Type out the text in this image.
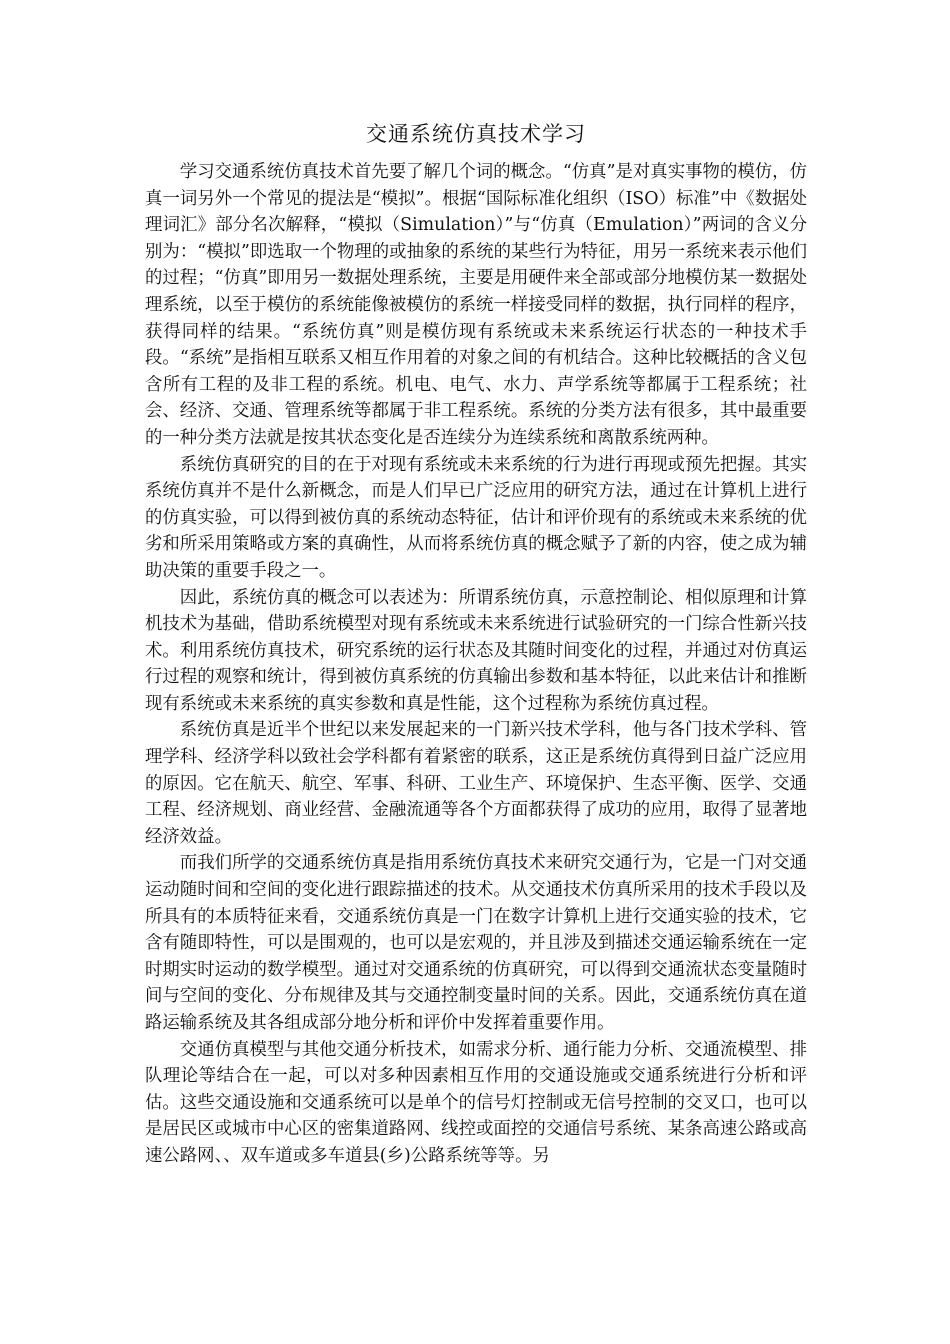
交通系统仿真技术学习

学习交通系统仿真技术首先要了解几个词的概念。“仿真”是对真实事物的模仿，仿真一词另外一个常见的提法是“模拟”。根据“国际标准化组织（ISO）标准”中《数据处理词汇》部分名次解释，“模拟（Simulation）”与“仿真（Emulation）”两词的含义分别为：“模拟”即选取一个物理的或抽象的系统的某些行为特征，用另一系统来表示他们的过程；“仿真”即用另一数据处理系统，主要是用硬件来全部或部分地模仿某一数据处理系统，以至于模仿的系统能像被模仿的系统一样接受同样的数据，执行同样的程序，获得同样的结果。“系统仿真”则是模仿现有系统或未来系统运行状态的一种技术手段。“系统”是指相互联系又相互作用着的对象之间的有机结合。这种比较概括的含义包含所有工程的及非工程的系统。机电、电气、水力、声学系统等都属于工程系统；社会、经济、交通、管理系统等都属于非工程系统。系统的分类方法有很多，其中最重要的一种分类方法就是按其状态变化是否连续分为连续系统和离散系统两种。

系统仿真研究的目的在于对现有系统或未来系统的行为进行再现或预先把握。其实系统仿真并不是什么新概念，而是人们早已广泛应用的研究方法，通过在计算机上进行的仿真实验，可以得到被仿真的系统动态特征，估计和评价现有的系统或未来系统的优劣和所采用策略或方案的真确性，从而将系统仿真的概念赋予了新的内容，使之成为辅助决策的重要手段之一。

因此，系统仿真的概念可以表述为：所谓系统仿真，示意控制论、相似原理和计算机技术为基础，借助系统模型对现有系统或未来系统进行试验研究的一门综合性新兴技术。利用系统仿真技术，研究系统的运行状态及其随时间变化的过程，并通过对仿真运行过程的观察和统计，得到被仿真系统的仿真输出参数和基本特征，以此来估计和推断现有系统或未来系统的真实参数和真是性能，这个过程称为系统仿真过程。

系统仿真是近半个世纪以来发展起来的一门新兴技术学科，他与各门技术学科、管理学科、经济学科以致社会学科都有着紧密的联系，这正是系统仿真得到日益广泛应用的原因。它在航天、航空、军事、科研、工业生产、环境保护、生态平衡、医学、交通工程、经济规划、商业经营、金融流通等各个方面都获得了成功的应用，取得了显著地经济效益。

而我们所学的交通系统仿真是指用系统仿真技术来研究交通行为，它是一门对交通运动随时间和空间的变化进行跟踪描述的技术。从交通技术仿真所采用的技术手段以及所具有的本质特征来看，交通系统仿真是一门在数字计算机上进行交通实验的技术，它含有随即特性，可以是围观的，也可以是宏观的，并且涉及到描述交通运输系统在一定时期实时运动的数学模型。通过对交通系统的仿真研究，可以得到交通流状态变量随时间与空间的变化、分布规律及其与交通控制变量时间的关系。因此，交通系统仿真在道路运输系统及其各组成部分地分析和评价中发挥着重要作用。

交通仿真模型与其他交通分析技术，如需求分析、通行能力分析、交通流模型、排队理论等结合在一起，可以对多种因素相互作用的交通设施或交通系统进行分析和评估。这些交通设施和交通系统可以是单个的信号灯控制或无信号控制的交叉口，也可以是居民区或城市中心区的密集道路网、线控或面控的交通信号系统、某条高速公路或高速公路网、、双车道或多车道县(乡)公路系统等等。另
